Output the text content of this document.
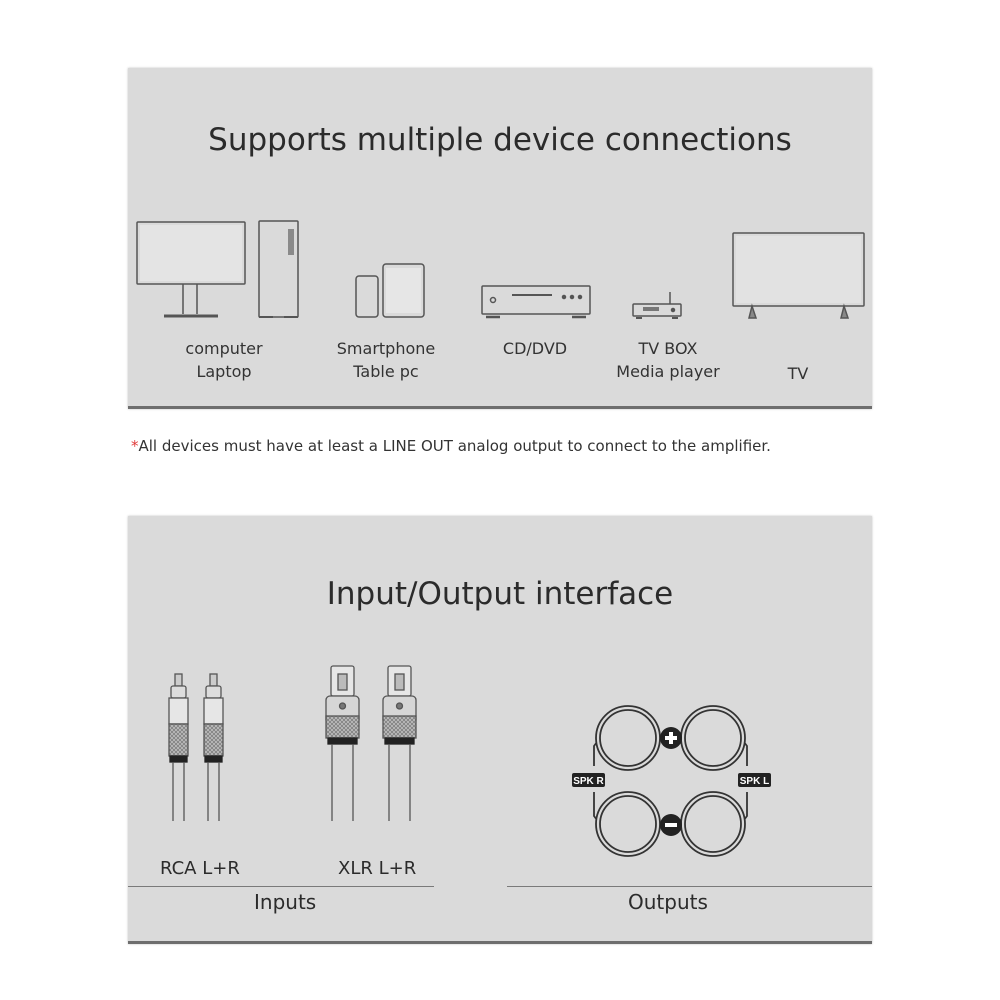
Supports multiple device connections
computer
Laptop
Smartphone
Table pc
CD/DVD	TV BOX
Media player	TV
*All devices must have at least a LINE OUT analog output to connect to the amplifier.
Input/Output interface
SPK R	SPK L
RCA L+R	XLR L+R
Inputs	Outputs
